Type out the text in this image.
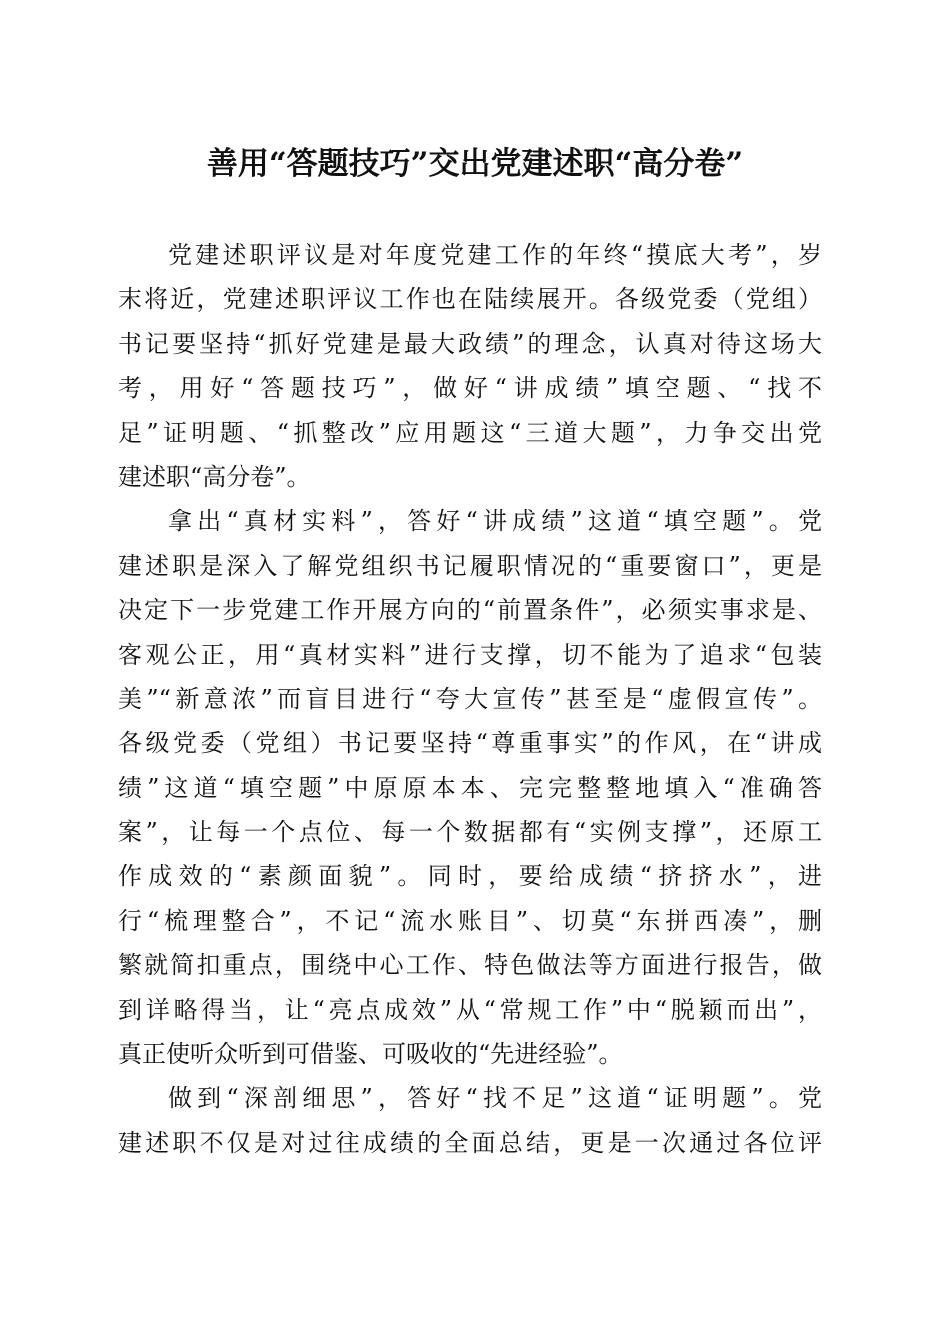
善用“答题技巧”交出党建述职“高分卷”
党建述职评议是对年度党建工作的年终“摸底大考”，岁
末将近，党建述职评议工作也在陆续展开。各级党委（党组）
书记要坚持“抓好党建是最大政绩”的理念，认真对待这场大
考，用好“答题技巧”，做好“讲成绩”填空题、“找不
足”证明题、“抓整改”应用题这“三道大题”，力争交出党
建述职“高分卷”。
拿出“真材实料”，答好“讲成绩”这道“填空题”。党
建述职是深入了解党组织书记履职情况的“重要窗口”，更是
决定下一步党建工作开展方向的“前置条件”，必须实事求是、
客观公正，用“真材实料”进行支撑，切不能为了追求“包装
美”“新意浓”而盲目进行“夸大宣传”甚至是“虚假宣传”。
各级党委（党组）书记要坚持“尊重事实”的作风，在“讲成
绩”这道“填空题”中原原本本、完完整整地填入“准确答
案”，让每一个点位、每一个数据都有“实例支撑”，还原工
作成效的“素颜面貌”。同时，要给成绩“挤挤水”，进
行“梳理整合”，不记“流水账目”、切莫“东拼西凑”，删
繁就简扣重点，围绕中心工作、特色做法等方面进行报告，做
到详略得当，让“亮点成效”从“常规工作”中“脱颖而出”，
真正使听众听到可借鉴、可吸收的“先进经验”。
做到“深剖细思”，答好“找不足”这道“证明题”。党
建述职不仅是对过往成绩的全面总结，更是一次通过各位评
